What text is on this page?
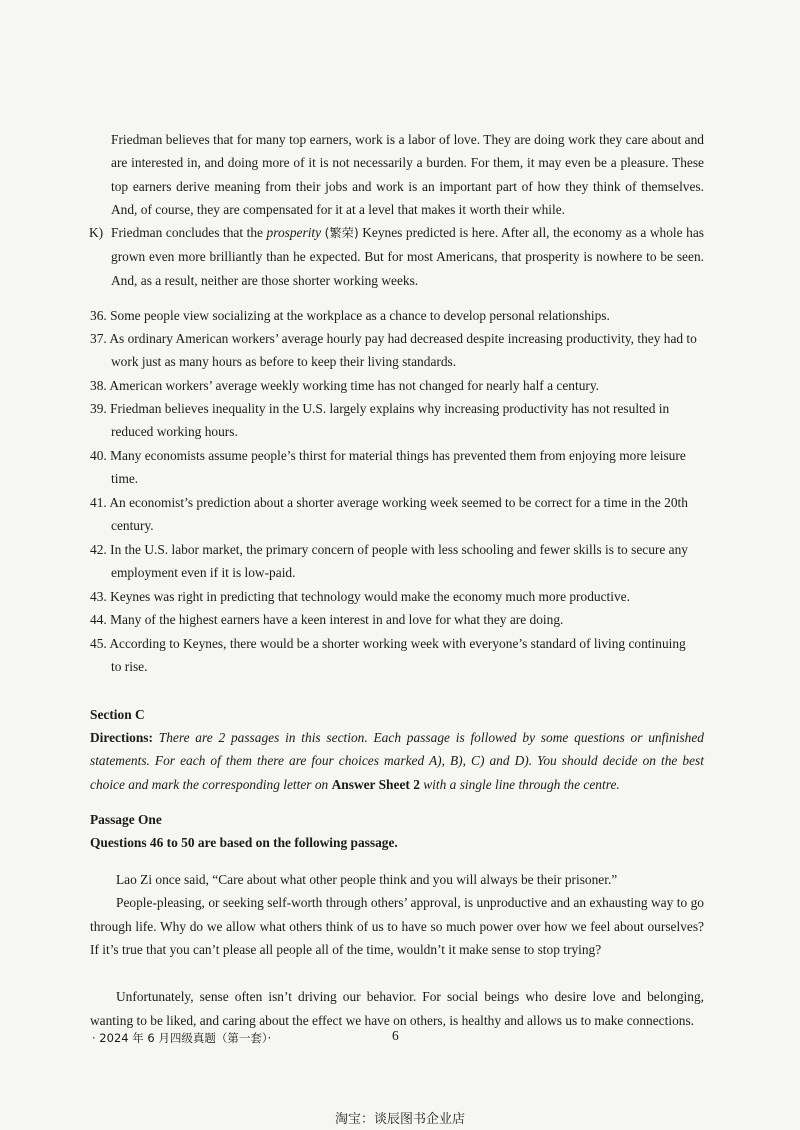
Friedman believes that for many top earners, work is a labor of love. They are doing work they care about and are interested in, and doing more of it is not necessarily a burden. For them, it may even be a pleasure. These top earners derive meaning from their jobs and work is an important part of how they think of themselves. And, of course, they are compensated for it at a level that makes it worth their while.

K) Friedman concludes that the prosperity (繁荣) Keynes predicted is here. After all, the economy as a whole has grown even more brilliantly than he expected. But for most Americans, that prosperity is nowhere to be seen. And, as a result, neither are those shorter working weeks.

36. Some people view socializing at the workplace as a chance to develop personal relationships.
37. As ordinary American workers’ average hourly pay had decreased despite increasing productivity, they had to
work just as many hours as before to keep their living standards.
38. American workers’ average weekly working time has not changed for nearly half a century.
39. Friedman believes inequality in the U.S. largely explains why increasing productivity has not resulted in
reduced working hours.
40. Many economists assume people’s thirst for material things has prevented them from enjoying more leisure
time.
41. An economist’s prediction about a shorter average working week seemed to be correct for a time in the 20th
century.
42. In the U.S. labor market, the primary concern of people with less schooling and fewer skills is to secure any
employment even if it is low-paid.
43. Keynes was right in predicting that technology would make the economy much more productive.
44. Many of the highest earners have a keen interest in and love for what they are doing.
45. According to Keynes, there would be a shorter working week with everyone’s standard of living continuing
to rise.
Section C
Directions: There are 2 passages in this section. Each passage is followed by some questions or unfinished statements. For each of them there are four choices marked A), B), C) and D). You should decide on the best choice and mark the corresponding letter on Answer Sheet 2 with a single line through the centre.
Passage One
Questions 46 to 50 are based on the following passage.

Lao Zi once said, “Care about what other people think and you will always be their prisoner.”

People-pleasing, or seeking self-worth through others’ approval, is unproductive and an exhausting way to go through life. Why do we allow what others think of us to have so much power over how we feel about ourselves? If it’s true that you can’t please all people all of the time, wouldn’t it make sense to stop trying?

Unfortunately, sense often isn’t driving our behavior. For social beings who desire love and belonging, wanting to be liked, and caring about the effect we have on others, is healthy and allows us to make connections.

· 2024 年 6 月四级真题（第一套）·	6
淘宝：谈辰图书企业店
